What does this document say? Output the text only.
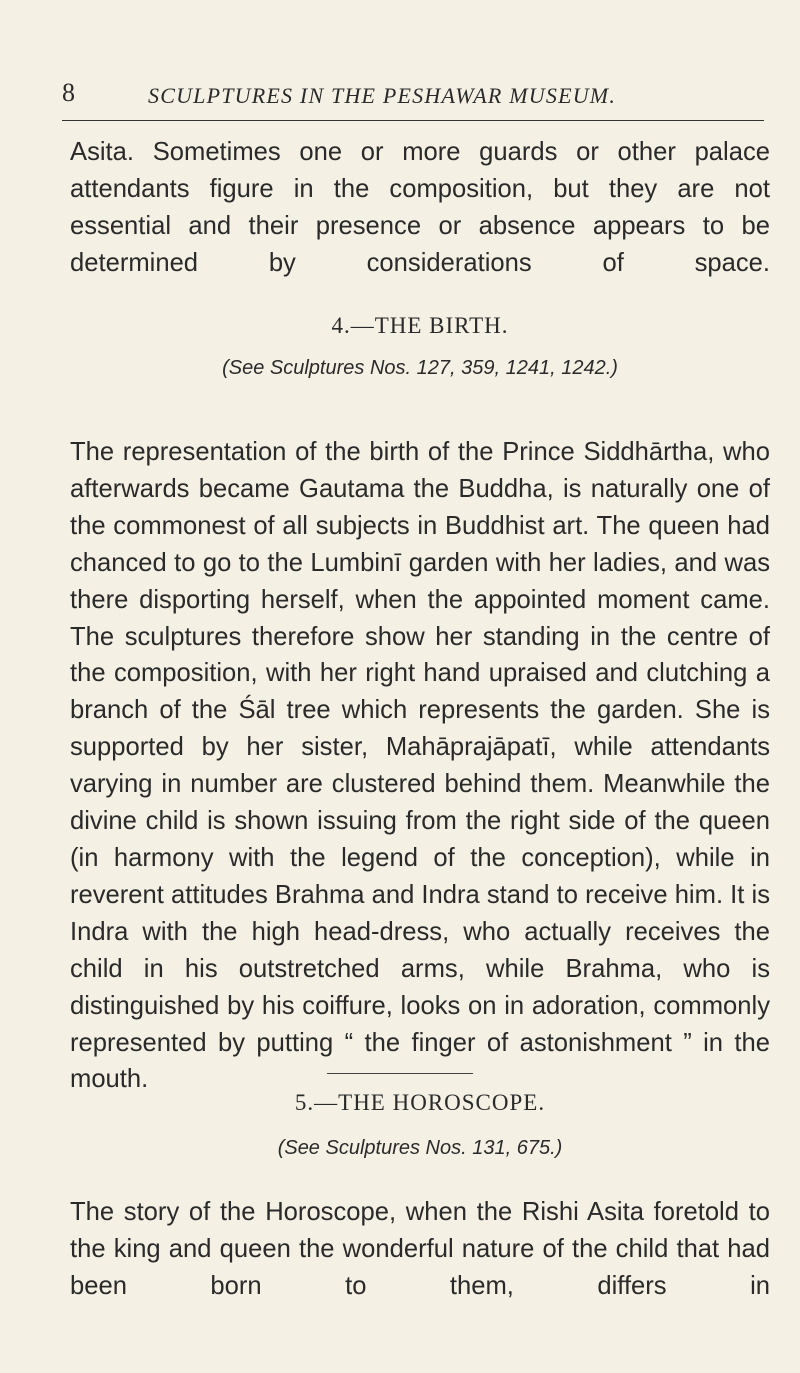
8	SCULPTURES IN THE PESHAWAR MUSEUM.

Asita. Sometimes one or more guards or other palace attendants figure in the composition, but they are not essential and their presence or absence appears to be determined by considerations of space.

4.—THE BIRTH.
(See Sculptures Nos. 127, 359, 1241, 1242.)

The representation of the birth of the Prince Siddhārtha, who afterwards became Gautama the Buddha, is naturally one of the commonest of all subjects in Buddhist art. The queen had chanced to go to the Lumbinī garden with her ladies, and was there disporting herself, when the appointed moment came. The sculptures therefore show her standing in the centre of the composition, with her right hand upraised and clutching a branch of the Śāl tree which represents the garden. She is supported by her sister, Mahāprajāpatī, while attendants varying in number are clustered behind them. Meanwhile the divine child is shown issuing from the right side of the queen (in harmony with the legend of the conception), while in reverent attitudes Brahma and Indra stand to receive him. It is Indra with the high head-dress, who actually receives the child in his outstretched arms, while Brahma, who is distinguished by his coiffure, looks on in adoration, commonly represented by putting “ the finger of astonishment ” in the mouth.

5.—THE HOROSCOPE.
(See Sculptures Nos. 131, 675.)

The story of the Horoscope, when the Rishi Asita foretold to the king and queen the wonderful nature of the child that had been born to them, differs in
